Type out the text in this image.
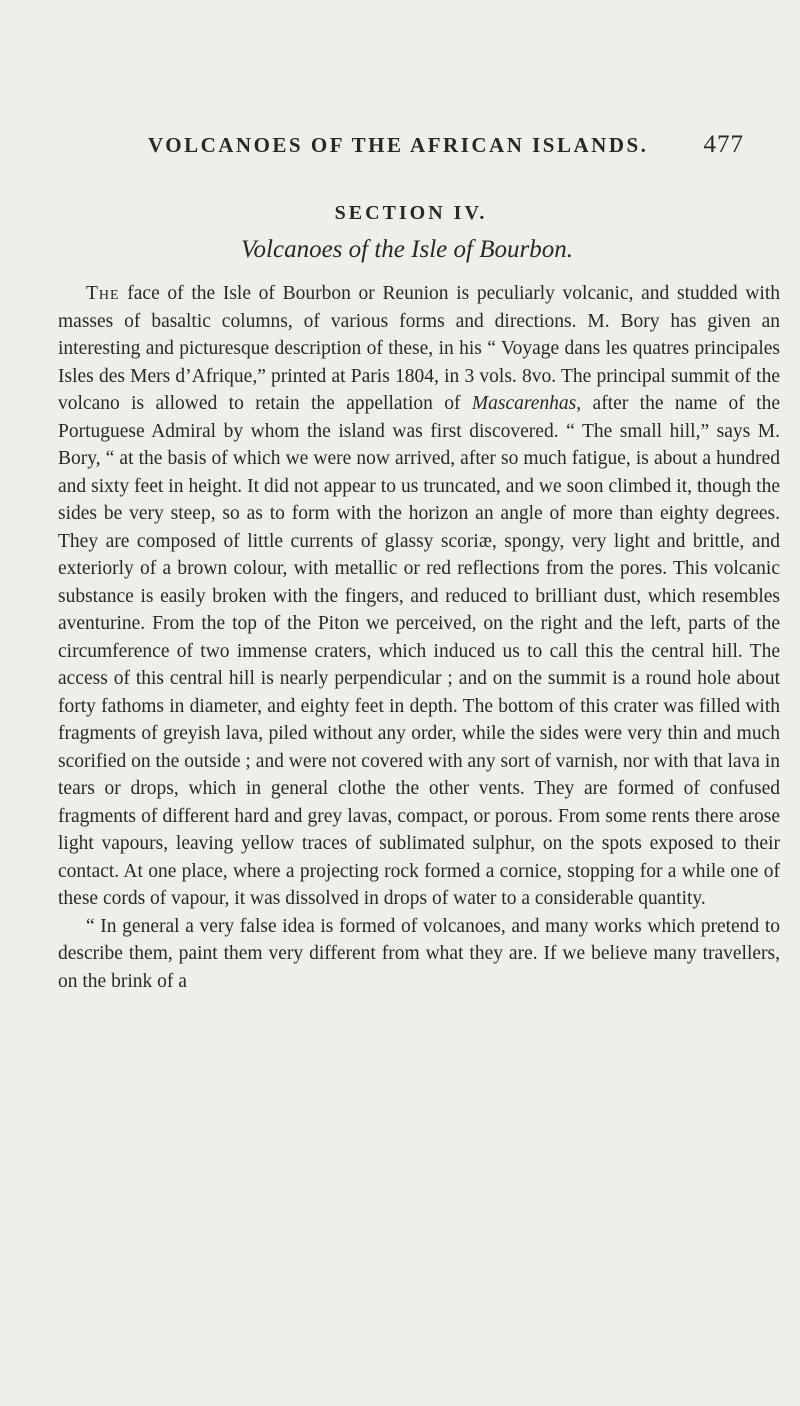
VOLCANOES OF THE AFRICAN ISLANDS. 477
SECTION IV.
Volcanoes of the Isle of Bourbon.

The face of the Isle of Bourbon or Reunion is peculiarly volcanic, and studded with masses of basaltic columns, of various forms and directions. M. Bory has given an interesting and picturesque description of these, in his “ Voyage dans les quatres principales Isles des Mers d’Afrique,” printed at Paris 1804, in 3 vols. 8vo. The principal summit of the volcano is allowed to retain the appellation of Mascarenhas, after the name of the Portuguese Admiral by whom the island was first discovered. “ The small hill,” says M. Bory, “ at the basis of which we were now arrived, after so much fatigue, is about a hundred and sixty feet in height. It did not appear to us truncated, and we soon climbed it, though the sides be very steep, so as to form with the horizon an angle of more than eighty degrees. They are composed of little currents of glassy scoriæ, spongy, very light and brittle, and exteriorly of a brown colour, with metallic or red reflections from the pores. This volcanic substance is easily broken with the fingers, and reduced to brilliant dust, which resembles aventurine. From the top of the Piton we perceived, on the right and the left, parts of the circumference of two immense craters, which induced us to call this the central hill. The access of this central hill is nearly perpendicular ; and on the summit is a round hole about forty fathoms in diameter, and eighty feet in depth. The bottom of this crater was filled with fragments of greyish lava, piled without any order, while the sides were very thin and much scorified on the outside ; and were not covered with any sort of varnish, nor with that lava in tears or drops, which in general clothe the other vents. They are formed of confused fragments of different hard and grey lavas, compact, or porous. From some rents there arose light vapours, leaving yellow traces of sublimated sulphur, on the spots exposed to their contact. At one place, where a projecting rock formed a cornice, stopping for a while one of these cords of vapour, it was dissolved in drops of water to a considerable quantity.

“ In general a very false idea is formed of volcanoes, and many works which pretend to describe them, paint them very different from what they are. If we believe many travellers, on the brink of a
